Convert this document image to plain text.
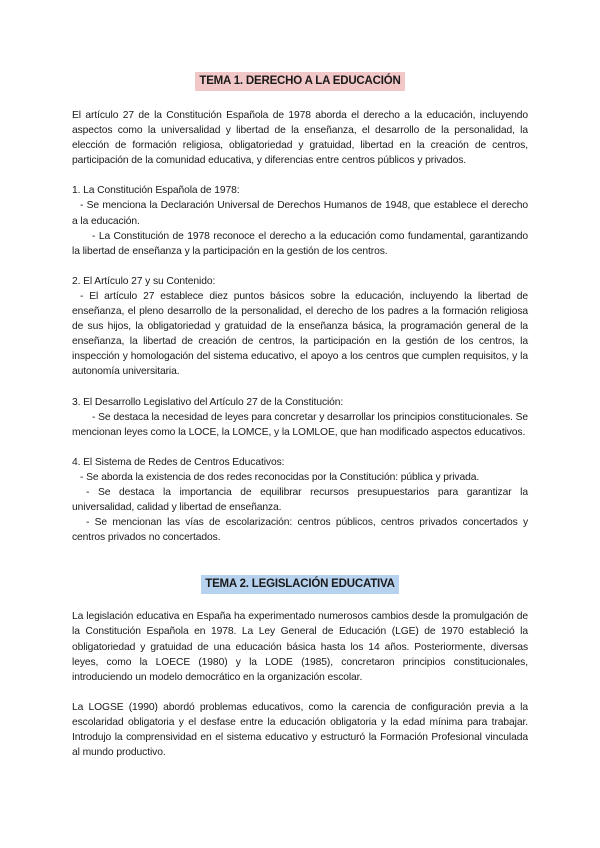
TEMA 1. DERECHO A LA EDUCACIÓN

El artículo 27 de la Constitución Española de 1978 aborda el derecho a la educación, incluyendo aspectos como la universalidad y libertad de la enseñanza, el desarrollo de la personalidad, la elección de formación religiosa, obligatoriedad y gratuidad, libertad en la creación de centros, participación de la comunidad educativa, y diferencias entre centros públicos y privados.

1. La Constitución Española de 1978:

- Se menciona la Declaración Universal de Derechos Humanos de 1948, que establece el derecho a la educación.

- La Constitución de 1978 reconoce el derecho a la educación como fundamental, garantizando la libertad de enseñanza y la participación en la gestión de los centros.

2. El Artículo 27 y su Contenido:

- El artículo 27 establece diez puntos básicos sobre la educación, incluyendo la libertad de enseñanza, el pleno desarrollo de la personalidad, el derecho de los padres a la formación religiosa de sus hijos, la obligatoriedad y gratuidad de la enseñanza básica, la programación general de la enseñanza, la libertad de creación de centros, la participación en la gestión de los centros, la inspección y homologación del sistema educativo, el apoyo a los centros que cumplen requisitos, y la autonomía universitaria.

3. El Desarrollo Legislativo del Artículo 27 de la Constitución:

- Se destaca la necesidad de leyes para concretar y desarrollar los principios constitucionales. Se mencionan leyes como la LOCE, la LOMCE, y la LOMLOE, que han modificado aspectos educativos.

4. El Sistema de Redes de Centros Educativos:

- Se aborda la existencia de dos redes reconocidas por la Constitución: pública y privada.

- Se destaca la importancia de equilibrar recursos presupuestarios para garantizar la universalidad, calidad y libertad de enseñanza.

- Se mencionan las vías de escolarización: centros públicos, centros privados concertados y centros privados no concertados.

TEMA 2. LEGISLACIÓN EDUCATIVA

La legislación educativa en España ha experimentado numerosos cambios desde la promulgación de la Constitución Española en 1978. La Ley General de Educación (LGE) de 1970 estableció la obligatoriedad y gratuidad de una educación básica hasta los 14 años. Posteriormente, diversas leyes, como la LOECE (1980) y la LODE (1985), concretaron principios constitucionales, introduciendo un modelo democrático en la organización escolar.

La LOGSE (1990) abordó problemas educativos, como la carencia de configuración previa a la escolaridad obligatoria y el desfase entre la educación obligatoria y la edad mínima para trabajar. Introdujo la comprensividad en el sistema educativo y estructuró la Formación Profesional vinculada al mundo productivo.
